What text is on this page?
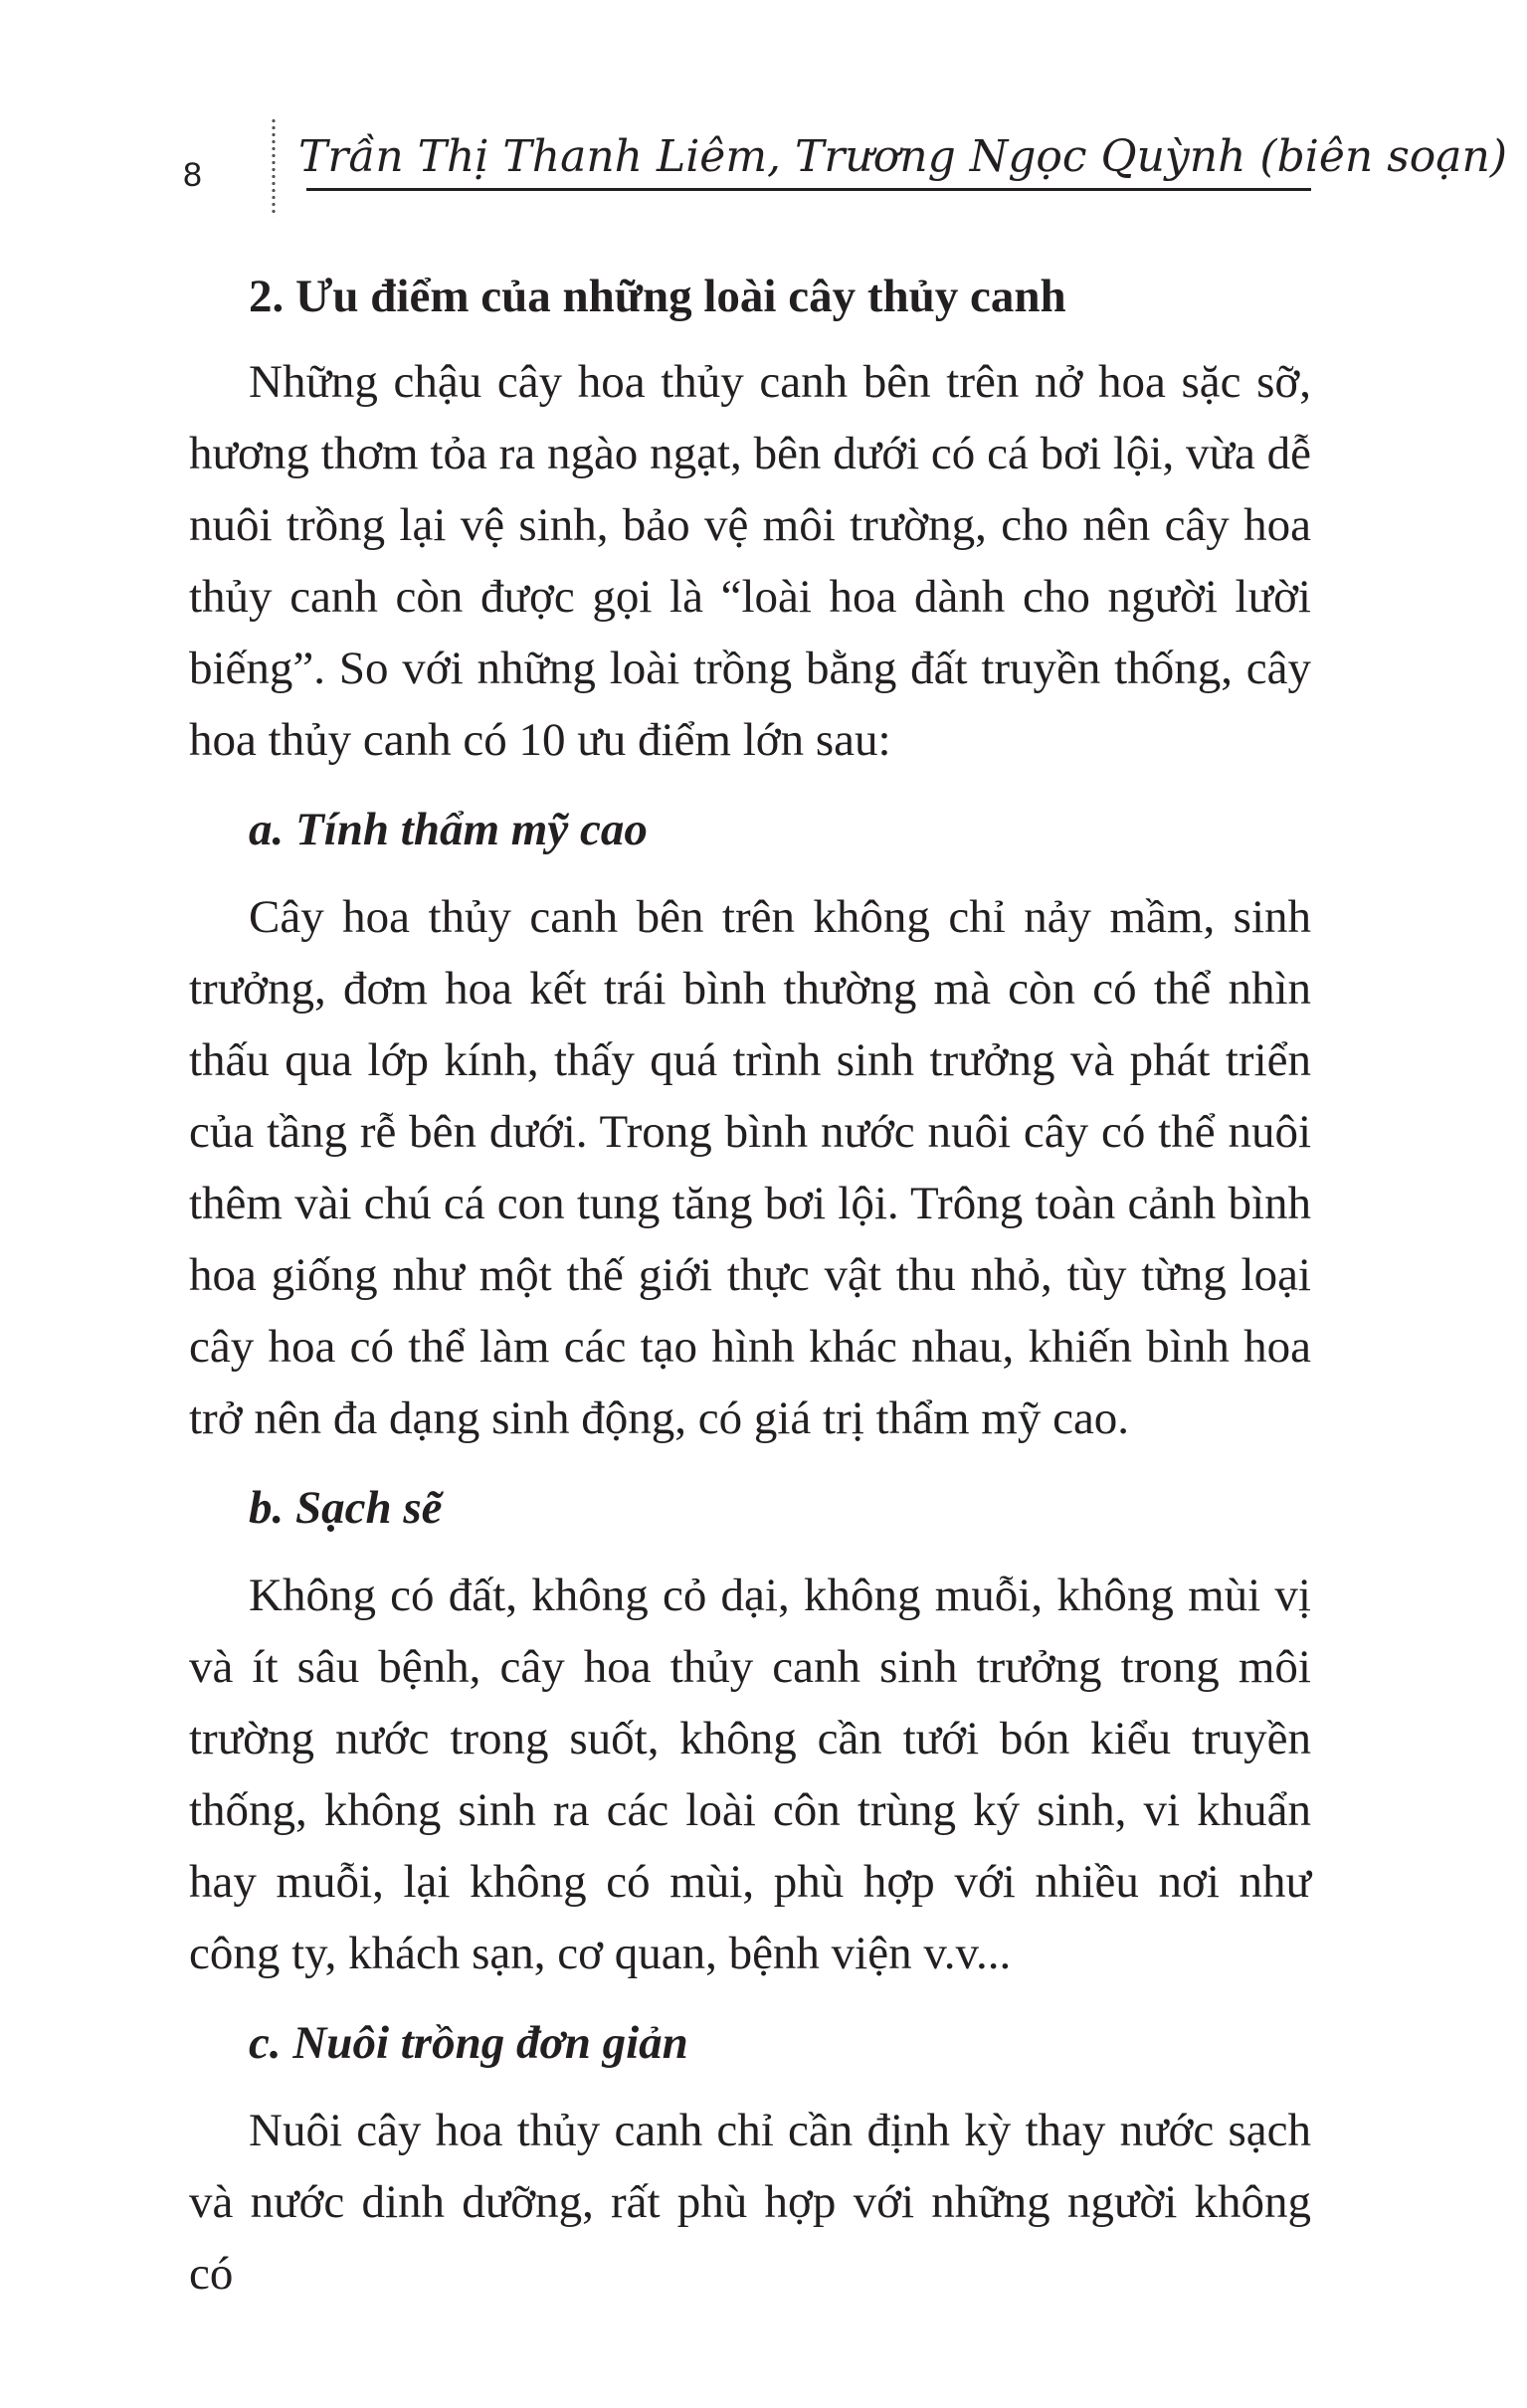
8 Trần Thị Thanh Liêm, Trương Ngọc Quỳnh (biên soạn)

2. Ưu điểm của những loài cây thủy canh

Những chậu cây hoa thủy canh bên trên nở hoa sặc sỡ, hương thơm tỏa ra ngào ngạt, bên dưới có cá bơi lội, vừa dễ nuôi trồng lại vệ sinh, bảo vệ môi trường, cho nên cây hoa thủy canh còn được gọi là “loài hoa dành cho người lười biếng”. So với những loài trồng bằng đất truyền thống, cây hoa thủy canh có 10 ưu điểm lớn sau:

a. Tính thẩm mỹ cao

Cây hoa thủy canh bên trên không chỉ nảy mầm, sinh trưởng, đơm hoa kết trái bình thường mà còn có thể nhìn thấu qua lớp kính, thấy quá trình sinh trưởng và phát triển của tầng rễ bên dưới. Trong bình nước nuôi cây có thể nuôi thêm vài chú cá con tung tăng bơi lội. Trông toàn cảnh bình hoa giống như một thế giới thực vật thu nhỏ, tùy từng loại cây hoa có thể làm các tạo hình khác nhau, khiến bình hoa trở nên đa dạng sinh động, có giá trị thẩm mỹ cao.

b. Sạch sẽ

Không có đất, không cỏ dại, không muỗi, không mùi vị và ít sâu bệnh, cây hoa thủy canh sinh trưởng trong môi trường nước trong suốt, không cần tưới bón kiểu truyền thống, không sinh ra các loài côn trùng ký sinh, vi khuẩn hay muỗi, lại không có mùi, phù hợp với nhiều nơi như công ty, khách sạn, cơ quan, bệnh viện v.v...

c. Nuôi trồng đơn giản

Nuôi cây hoa thủy canh chỉ cần định kỳ thay nước sạch và nước dinh dưỡng, rất phù hợp với những người không có
